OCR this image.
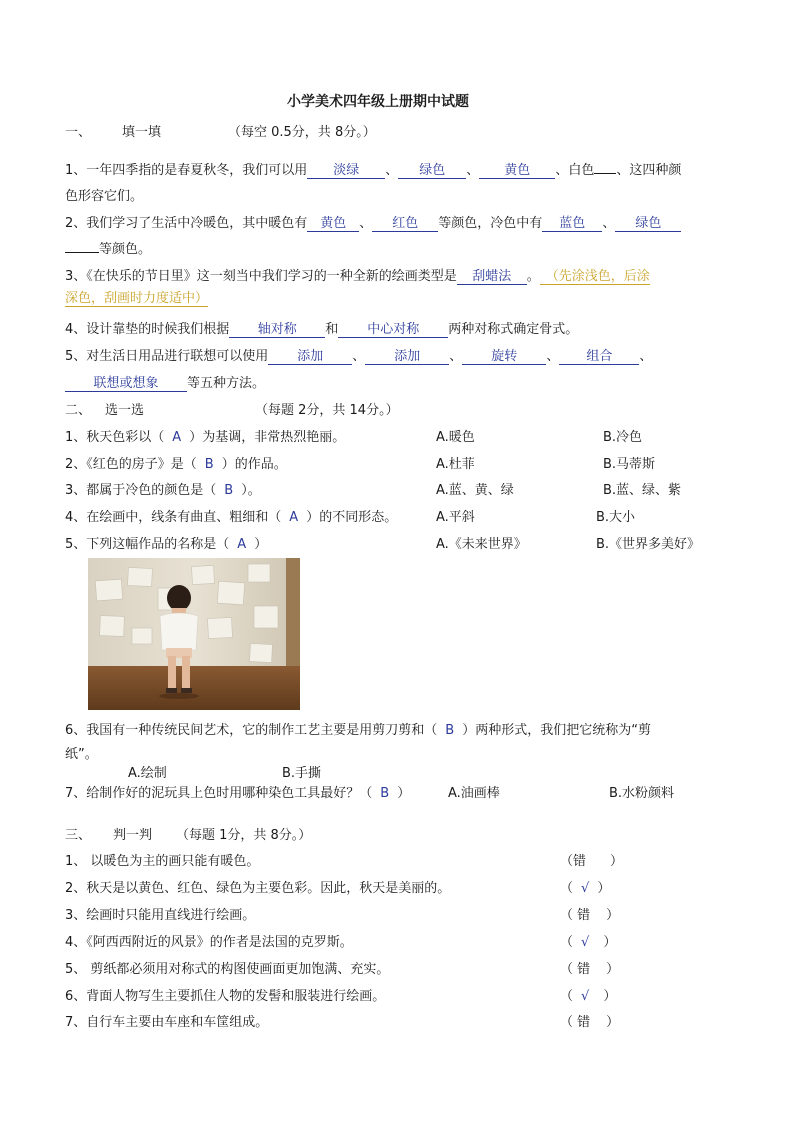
小学美术四年级上册期中试题
一、 填一填	（每空 0.5分，共 8分。）
1、一年四季指的是春夏秋冬，我们可以用 淡绿 、 绿色 、 黄色 、白色 、这四种颜
色形容它们。
2、我们学习了生活中冷暖色，其中暖色有 黄色 、 红色 等颜色，冷色中有 蓝色 、 绿色
等颜色。
3、《在快乐的节日里》这一刻当中我们学习的一种全新的绘画类型是 刮蜡法 。 （先涂浅色，后涂
深色，刮画时力度适中）
4、设计靠垫的时候我们根据 轴对称 和 中心对称 两种对称式确定骨式。
5、对生活日用品进行联想可以使用 添加 、 添加 、 旋转 、 组合 、
联想或想象 等五种方法。
二、 选一选	（每题 2分，共 14分。）
1、秋天色彩以（ A ）为基调，非常热烈艳丽。	A.暖色	B.冷色
2、《红色的房子》是（ B ）的作品。	A.杜菲	B.马蒂斯
3、都属于冷色的颜色是（ B ）。	A.蓝、黄、绿	B.蓝、绿、紫
4、在绘画中，线条有曲直、粗细和（ A ）的不同形态。	A.平斜	B.大小
5、下列这幅作品的名称是（ A ）	A.《未来世界》	B.《世界多美好》
6、我国有一种传统民间艺术，它的制作工艺主要是用剪刀剪和（ B ）两种形式，我们把它统称为“剪
纸”。
A.绘制	B.手撕
7、给制作好的泥玩具上色时用哪种染色工具最好？（ B ）	A.油画棒	B.水粉颜料
三、 判一判 （每题 1分，共 8分。）
1、 以暖色为主的画只能有暖色。	（错 ）
2、秋天是以黄色、红色、绿色为主要色彩。因此，秋天是美丽的。	（ √ ）
3、绘画时只能用直线进行绘画。	（ 错 ）
4、《阿西西附近的风景》的作者是法国的克罗斯。	（ √ ）
5、 剪纸都必须用对称式的构图使画面更加饱满、充实。	（ 错 ）
6、背面人物写生主要抓住人物的发髻和服装进行绘画。	（ √ ）
7、自行车主要由车座和车筐组成。	（ 错 ）
